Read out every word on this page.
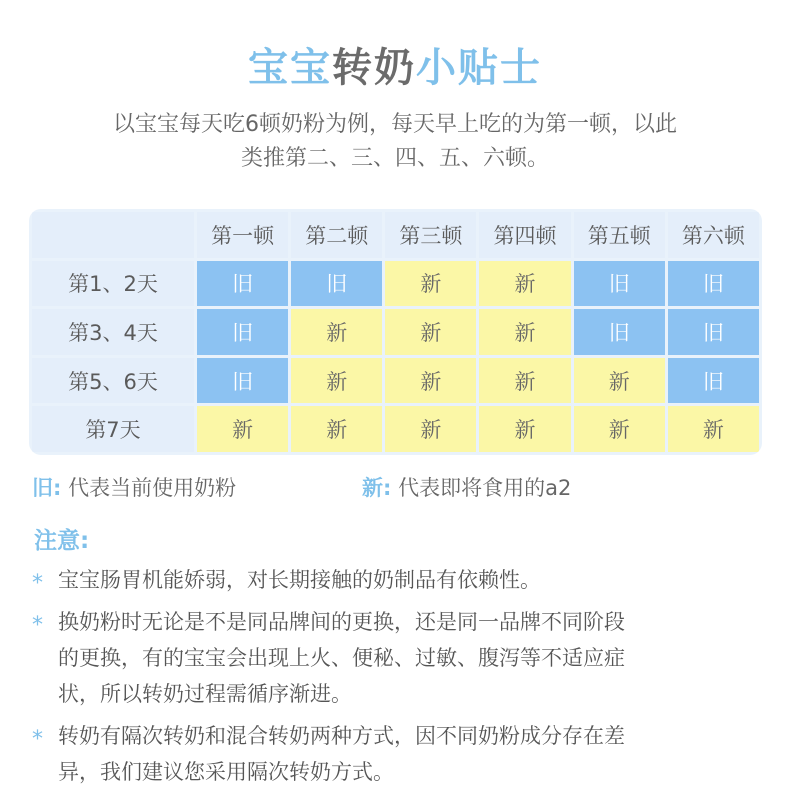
宝宝转奶小贴士
以宝宝每天吃6顿奶粉为例，每天早上吃的为第一顿，以此
类推第二、三、四、五、六顿。
	第一顿	第二顿	第三顿	第四顿	第五顿	第六顿
第1、2天	旧	旧	新	新	旧	旧
第3、4天	旧	新	新	新	旧	旧
第5、6天	旧	新	新	新	新	旧
第7天	新	新	新	新	新	新
旧: 代表当前使用奶粉	新: 代表即将食用的a2
注意:
* 宝宝肠胃机能娇弱，对长期接触的奶制品有依赖性。
* 换奶粉时无论是不是同品牌间的更换，还是同一品牌不同阶段
的更换，有的宝宝会出现上火、便秘、过敏、腹泻等不适应症
状，所以转奶过程需循序渐进。
* 转奶有隔次转奶和混合转奶两种方式，因不同奶粉成分存在差
异，我们建议您采用隔次转奶方式。
